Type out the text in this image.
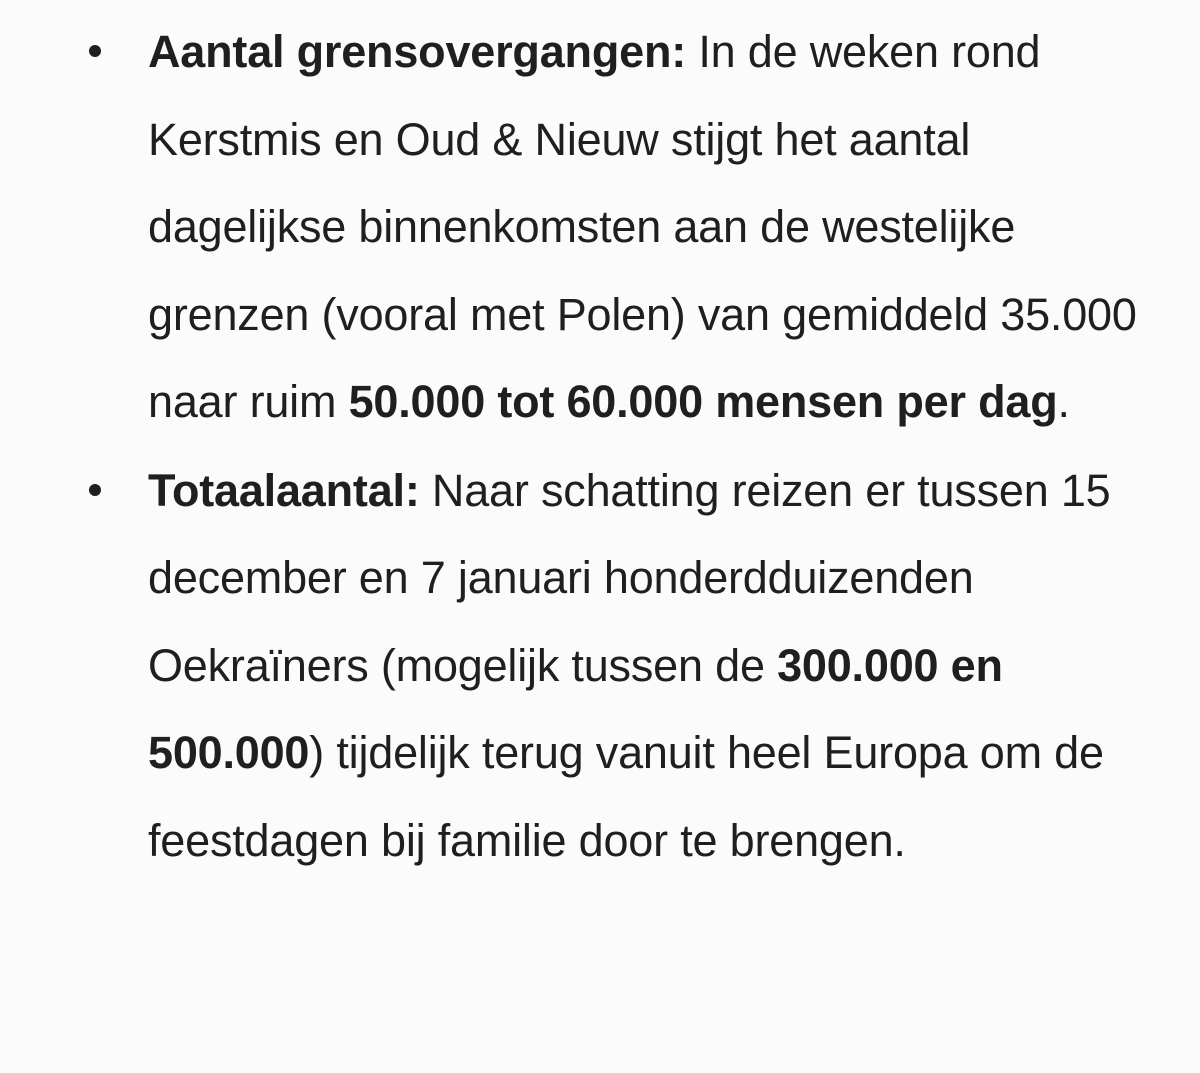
Aantal grensovergangen: In de weken rond Kerstmis en Oud & Nieuw stijgt het aantal dagelijkse binnenkomsten aan de westelijke grenzen (vooral met Polen) van gemiddeld 35.000 naar ruim 50.000 tot 60.000 mensen per dag.
Totaalaantal: Naar schatting reizen er tussen 15 december en 7 januari honderdduizenden Oekraïners (mogelijk tussen de 300.000 en 500.000) tijdelijk terug vanuit heel Europa om de feestdagen bij familie door te brengen.
